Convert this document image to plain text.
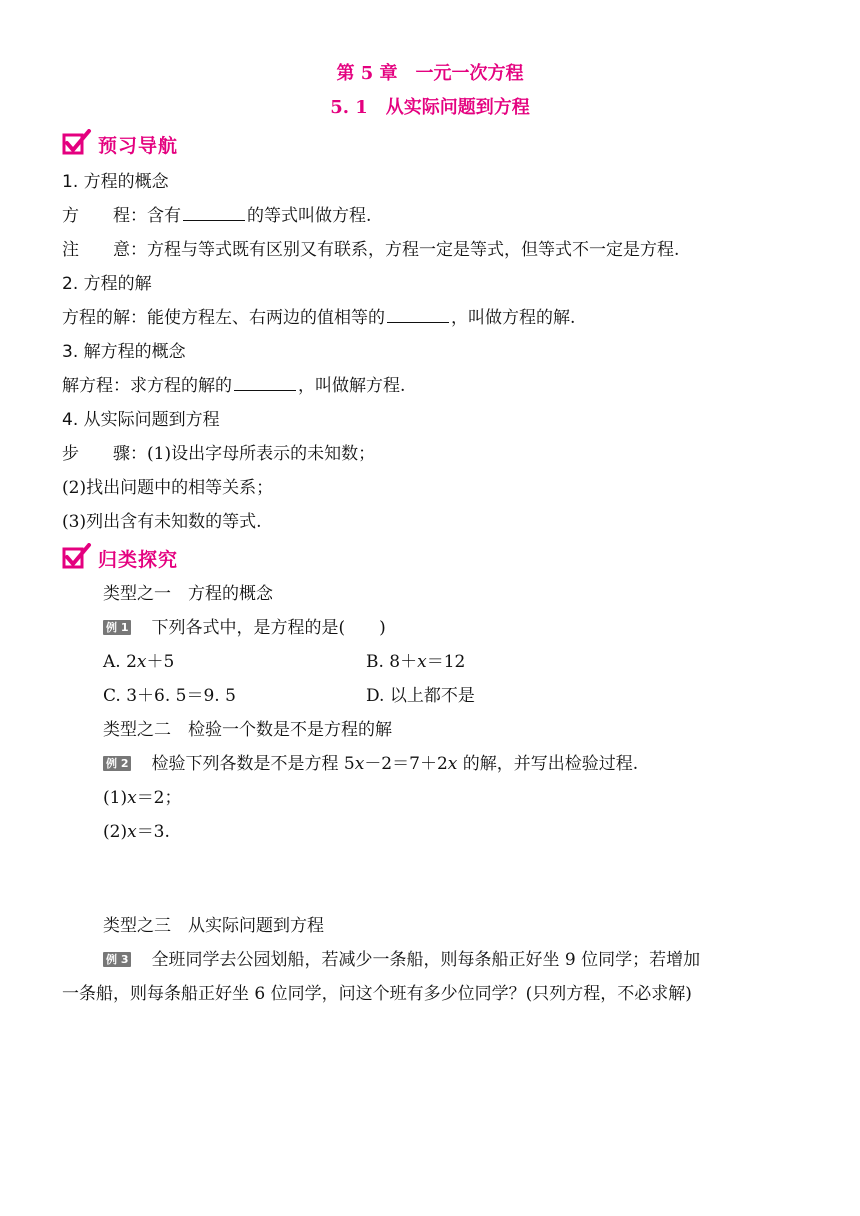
第 5 章　一元一次方程
5. 1　从实际问题到方程
预习导航
1. 方程的概念
方　　程：含有	的等式叫做方程.
注　　意：方程与等式既有区别又有联系，方程一定是等式，但等式不一定是方程.
2. 方程的解
方程的解：能使方程左、右两边的值相等的	，叫做方程的解.
3. 解方程的概念
解方程：求方程的解的	，叫做解方程.
4. 从实际问题到方程
步　　骤：(1)设出字母所表示的未知数；
(2)找出问题中的相等关系；
(3)列出含有未知数的等式.
归类探究
类型之一　方程的概念
例 1 下列各式中，是方程的是(　　)
A. 2x＋5	B. 8＋x＝12
C. 3＋6. 5＝9. 5	D. 以上都不是
类型之二　检验一个数是不是方程的解
例 2 检验下列各数是不是方程 5x－2＝7＋2x 的解，并写出检验过程.
(1)x＝2；
(2)x＝3.
类型之三　从实际问题到方程
例 3 全班同学去公园划船，若减少一条船，则每条船正好坐 9 位同学；若增加
一条船，则每条船正好坐 6 位同学，问这个班有多少位同学？(只列方程，不必求解)
